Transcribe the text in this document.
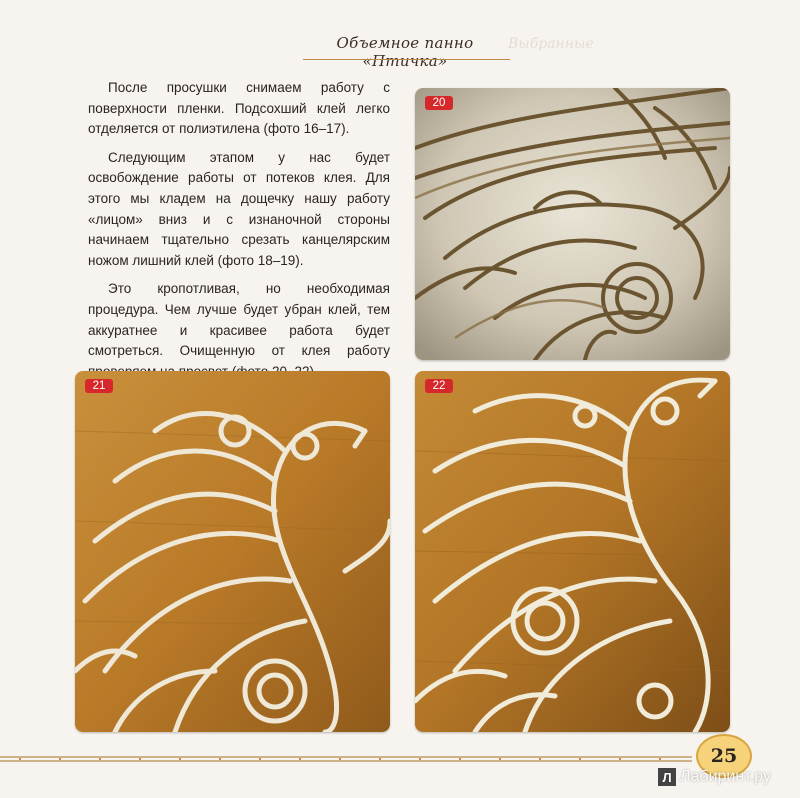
Объемное панно «Птичка»
Выбранные

После просушки снимаем работу с поверхности пленки. Подсохший клей легко отделяется от полиэтилена (фото 16–17).

Следующим этапом у нас будет освобождение работы от потеков клея. Для этого мы кладем на дощечку нашу работу «лицом» вниз и с изнаночной стороны начинаем тщательно срезать канцелярским ножом лишний клей (фото 18–19).

Это кропотливая, но необходимая процедура. Чем лучше будет убран клей, тем аккуратнее и красивее работа будет смотреться. Очищенную от клея работу

20
21	22
25
Л Лабиринт.ру
